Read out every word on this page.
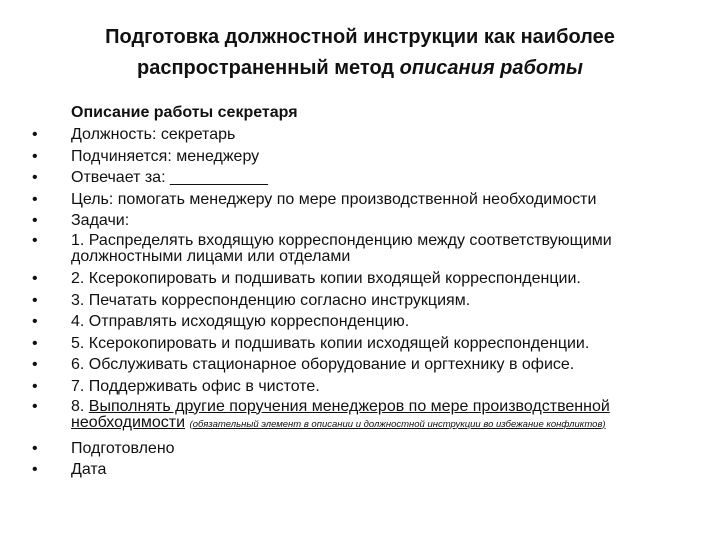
Подготовка должностной инструкции как наиболее
распространенный метод описания работы
Описание работы секретаря
• Должность: секретарь
• Подчиняется: менеджеру
• Отвечает за: ___________
• Цель: помогать менеджеру по мере производственной необходимости
• Задачи:
• 1. Распределять входящую корреспонденцию между соответствующими должностными лицами или отделами
• 2. Ксерокопировать и подшивать копии входящей корреспонденции.
• 3. Печатать корреспонденцию согласно инструкциям.
• 4. Отправлять исходящую корреспонденцию.
• 5. Ксерокопировать и подшивать копии исходящей корреспонденции.
• 6. Обслуживать стационарное оборудование и оргтехнику в офисе.
• 7. Поддерживать офис в чистоте.
• 8. Выполнять другие поручения менеджеров по мере производственной необходимости (обязательный элемент в описании и должностной инструкции во избежание конфликтов)
• Подготовлено
• Дата
